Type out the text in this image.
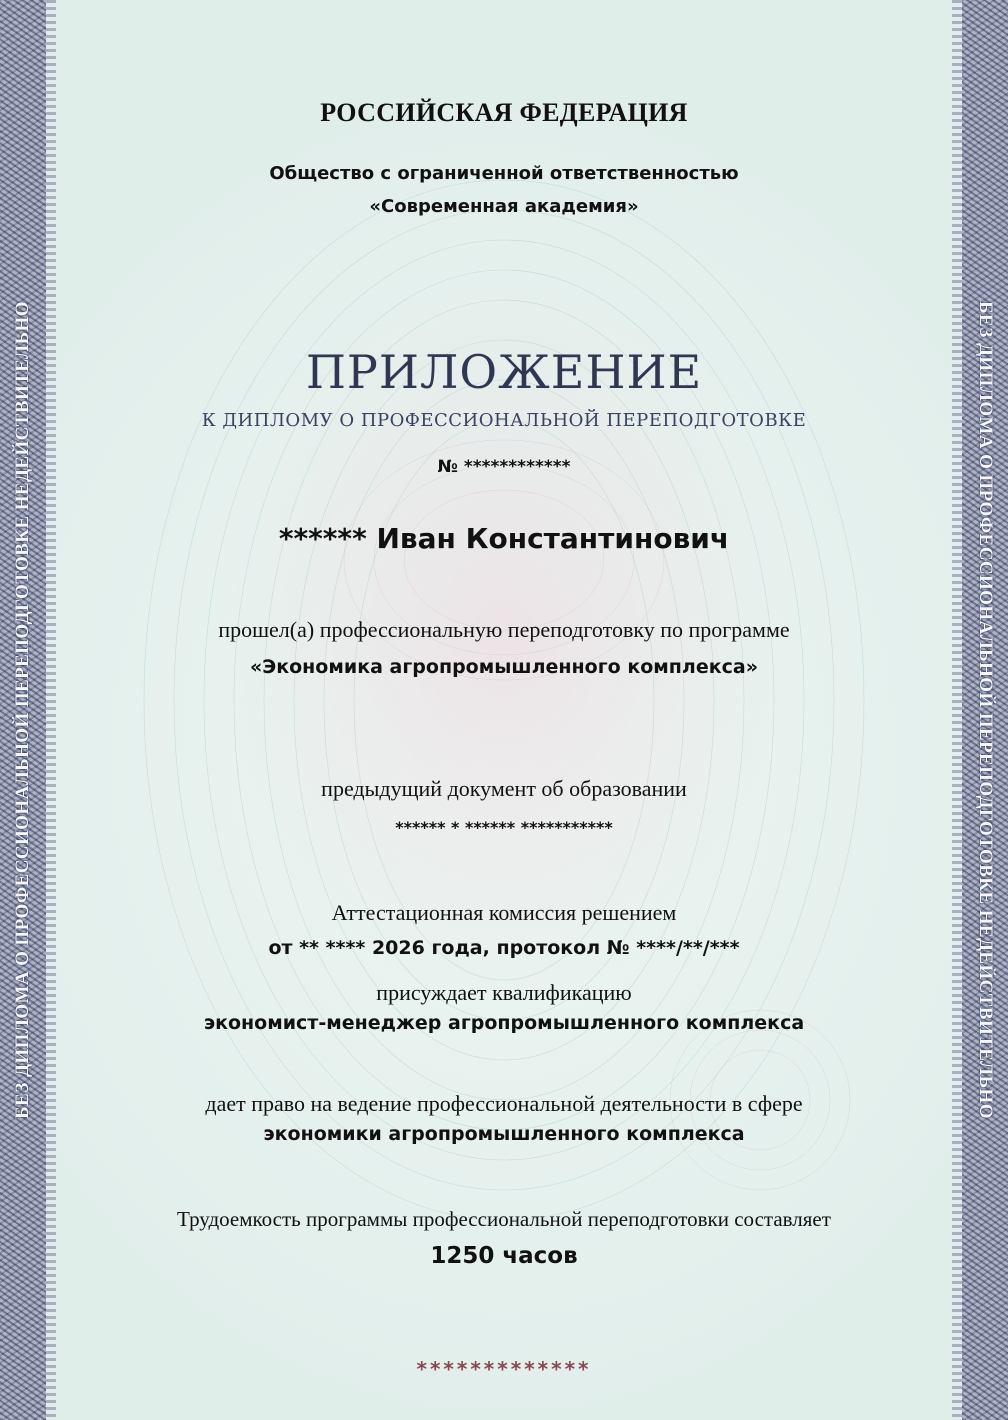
БЕЗ ДИПЛОМА О ПРОФЕССИОНАЛЬНОЙ ПЕРЕПОДГОТОВКЕ НЕДЕЙСТВИТЕЛЬНО	БЕЗ ДИПЛОМА О ПРОФЕССИОНАЛЬНОЙ ПЕРЕПОДГОТОВКЕ НЕДЕЙСТВИТЕЛЬНО
РОССИЙСКАЯ ФЕДЕРАЦИЯ
Общество с ограниченной ответственностью
«Современная академия»
ПРИЛОЖЕНИЕ
К ДИПЛОМУ О ПРОФЕССИОНАЛЬНОЙ ПЕРЕПОДГОТОВКЕ
№ ************
****** Иван Константинович
прошел(а) профессиональную переподготовку по программе
«Экономика агропромышленного комплекса»
предыдущий документ об образовании
****** * ****** ***********
Аттестационная комиссия решением
от ** **** 2026 года, протокол № ****/**/***
присуждает квалификацию
экономист-менеджер агропромышленного комплекса
дает право на ведение профессиональной деятельности в сфере
экономики агропромышленного комплекса
Трудоемкость программы профессиональной переподготовки составляет
1250 часов
*************
